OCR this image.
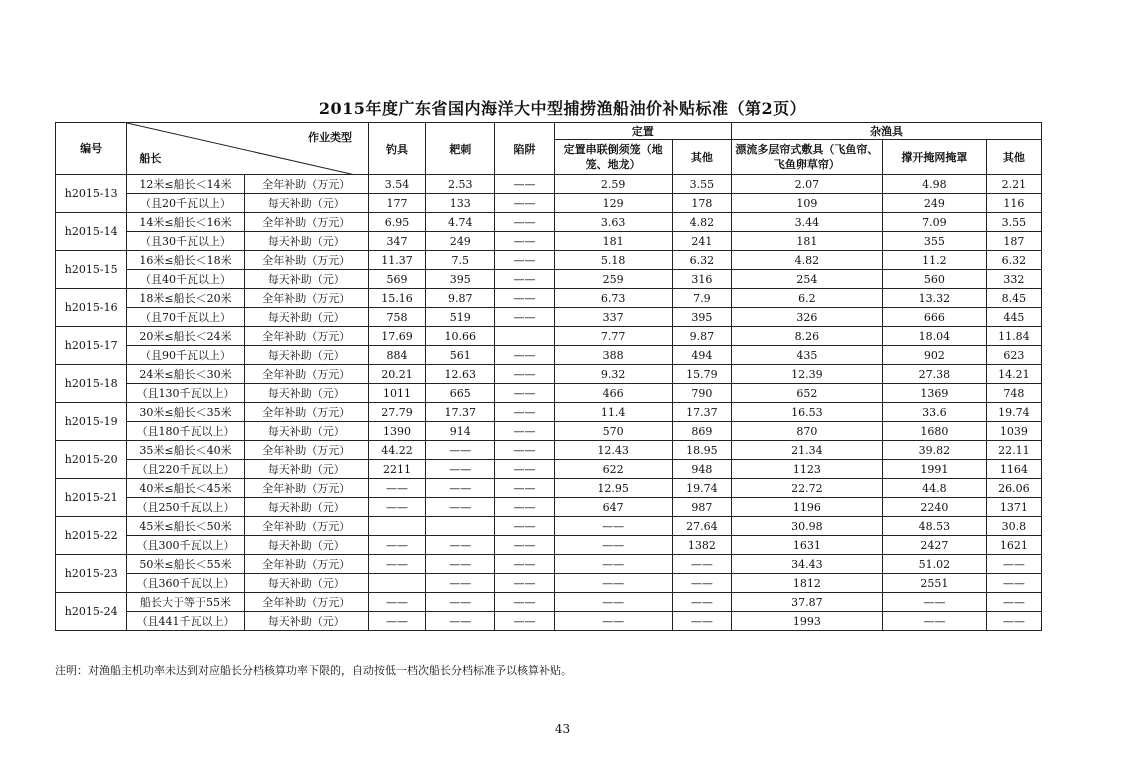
2015年度广东省国内海洋大中型捕捞渔船油价补贴标准（第2页）
编号	作业类型
船长		钓具	耙刺	陷阱	定置		杂渔具		
						定置串联倒须笼（地笼、地龙）	其他	漂流多层帘式敷具（飞鱼帘、飞鱼卵草帘）	撑开掩网掩罩	其他
h2015-13	12米≤船长＜14米	全年补助（万元）	3.54	2.53	——	2.59	3.55	2.07	4.98	2.21
	（且20千瓦以上）	每天补助（元）	177	133	——	129	178	109	249	116
h2015-14	14米≤船长＜16米	全年补助（万元）	6.95	4.74	——	3.63	4.82	3.44	7.09	3.55
	（且30千瓦以上）	每天补助（元）	347	249	——	181	241	181	355	187
h2015-15	16米≤船长＜18米	全年补助（万元）	11.37	7.5	——	5.18	6.32	4.82	11.2	6.32
	（且40千瓦以上）	每天补助（元）	569	395	——	259	316	254	560	332
h2015-16	18米≤船长＜20米	全年补助（万元）	15.16	9.87	——	6.73	7.9	6.2	13.32	8.45
	（且70千瓦以上）	每天补助（元）	758	519	——	337	395	326	666	445
h2015-17	20米≤船长＜24米	全年补助（万元）	17.69	10.66		7.77	9.87	8.26	18.04	11.84
	（且90千瓦以上）	每天补助（元）	884	561	——	388	494	435	902	623
h2015-18	24米≤船长＜30米	全年补助（万元）	20.21	12.63	——	9.32	15.79	12.39	27.38	14.21
	（且130千瓦以上）	每天补助（元）	1011	665	——	466	790	652	1369	748
h2015-19	30米≤船长＜35米	全年补助（万元）	27.79	17.37	——	11.4	17.37	16.53	33.6	19.74
	（且180千瓦以上）	每天补助（元）	1390	914	——	570	869	870	1680	1039
h2015-20	35米≤船长＜40米	全年补助（万元）	44.22	——	——	12.43	18.95	21.34	39.82	22.11
	（且220千瓦以上）	每天补助（元）	2211	——	——	622	948	1123	1991	1164
h2015-21	40米≤船长＜45米	全年补助（万元）	——	——	——	12.95	19.74	22.72	44.8	26.06
	（且250千瓦以上）	每天补助（元）	——	——	——	647	987	1196	2240	1371
h2015-22	45米≤船长＜50米	全年补助（万元）			——	——	27.64	30.98	48.53	30.8
	（且300千瓦以上）	每天补助（元）	——	——	——	——	1382	1631	2427	1621
h2015-23	50米≤船长＜55米	全年补助（万元）	——	——	——	——	——	34.43	51.02	——
	（且360千瓦以上）	每天补助（元）		——	——	——	——	1812	2551	——
h2015-24	船长大于等于55米	全年补助（万元）	——	——	——	——	——	37.87	——	——
	（且441千瓦以上）	每天补助（元）	——	——	——	——	——	1993	——	——
注明：对渔船主机功率未达到对应船长分档核算功率下限的，自动按低一档次船长分档标准予以核算补贴。
43
